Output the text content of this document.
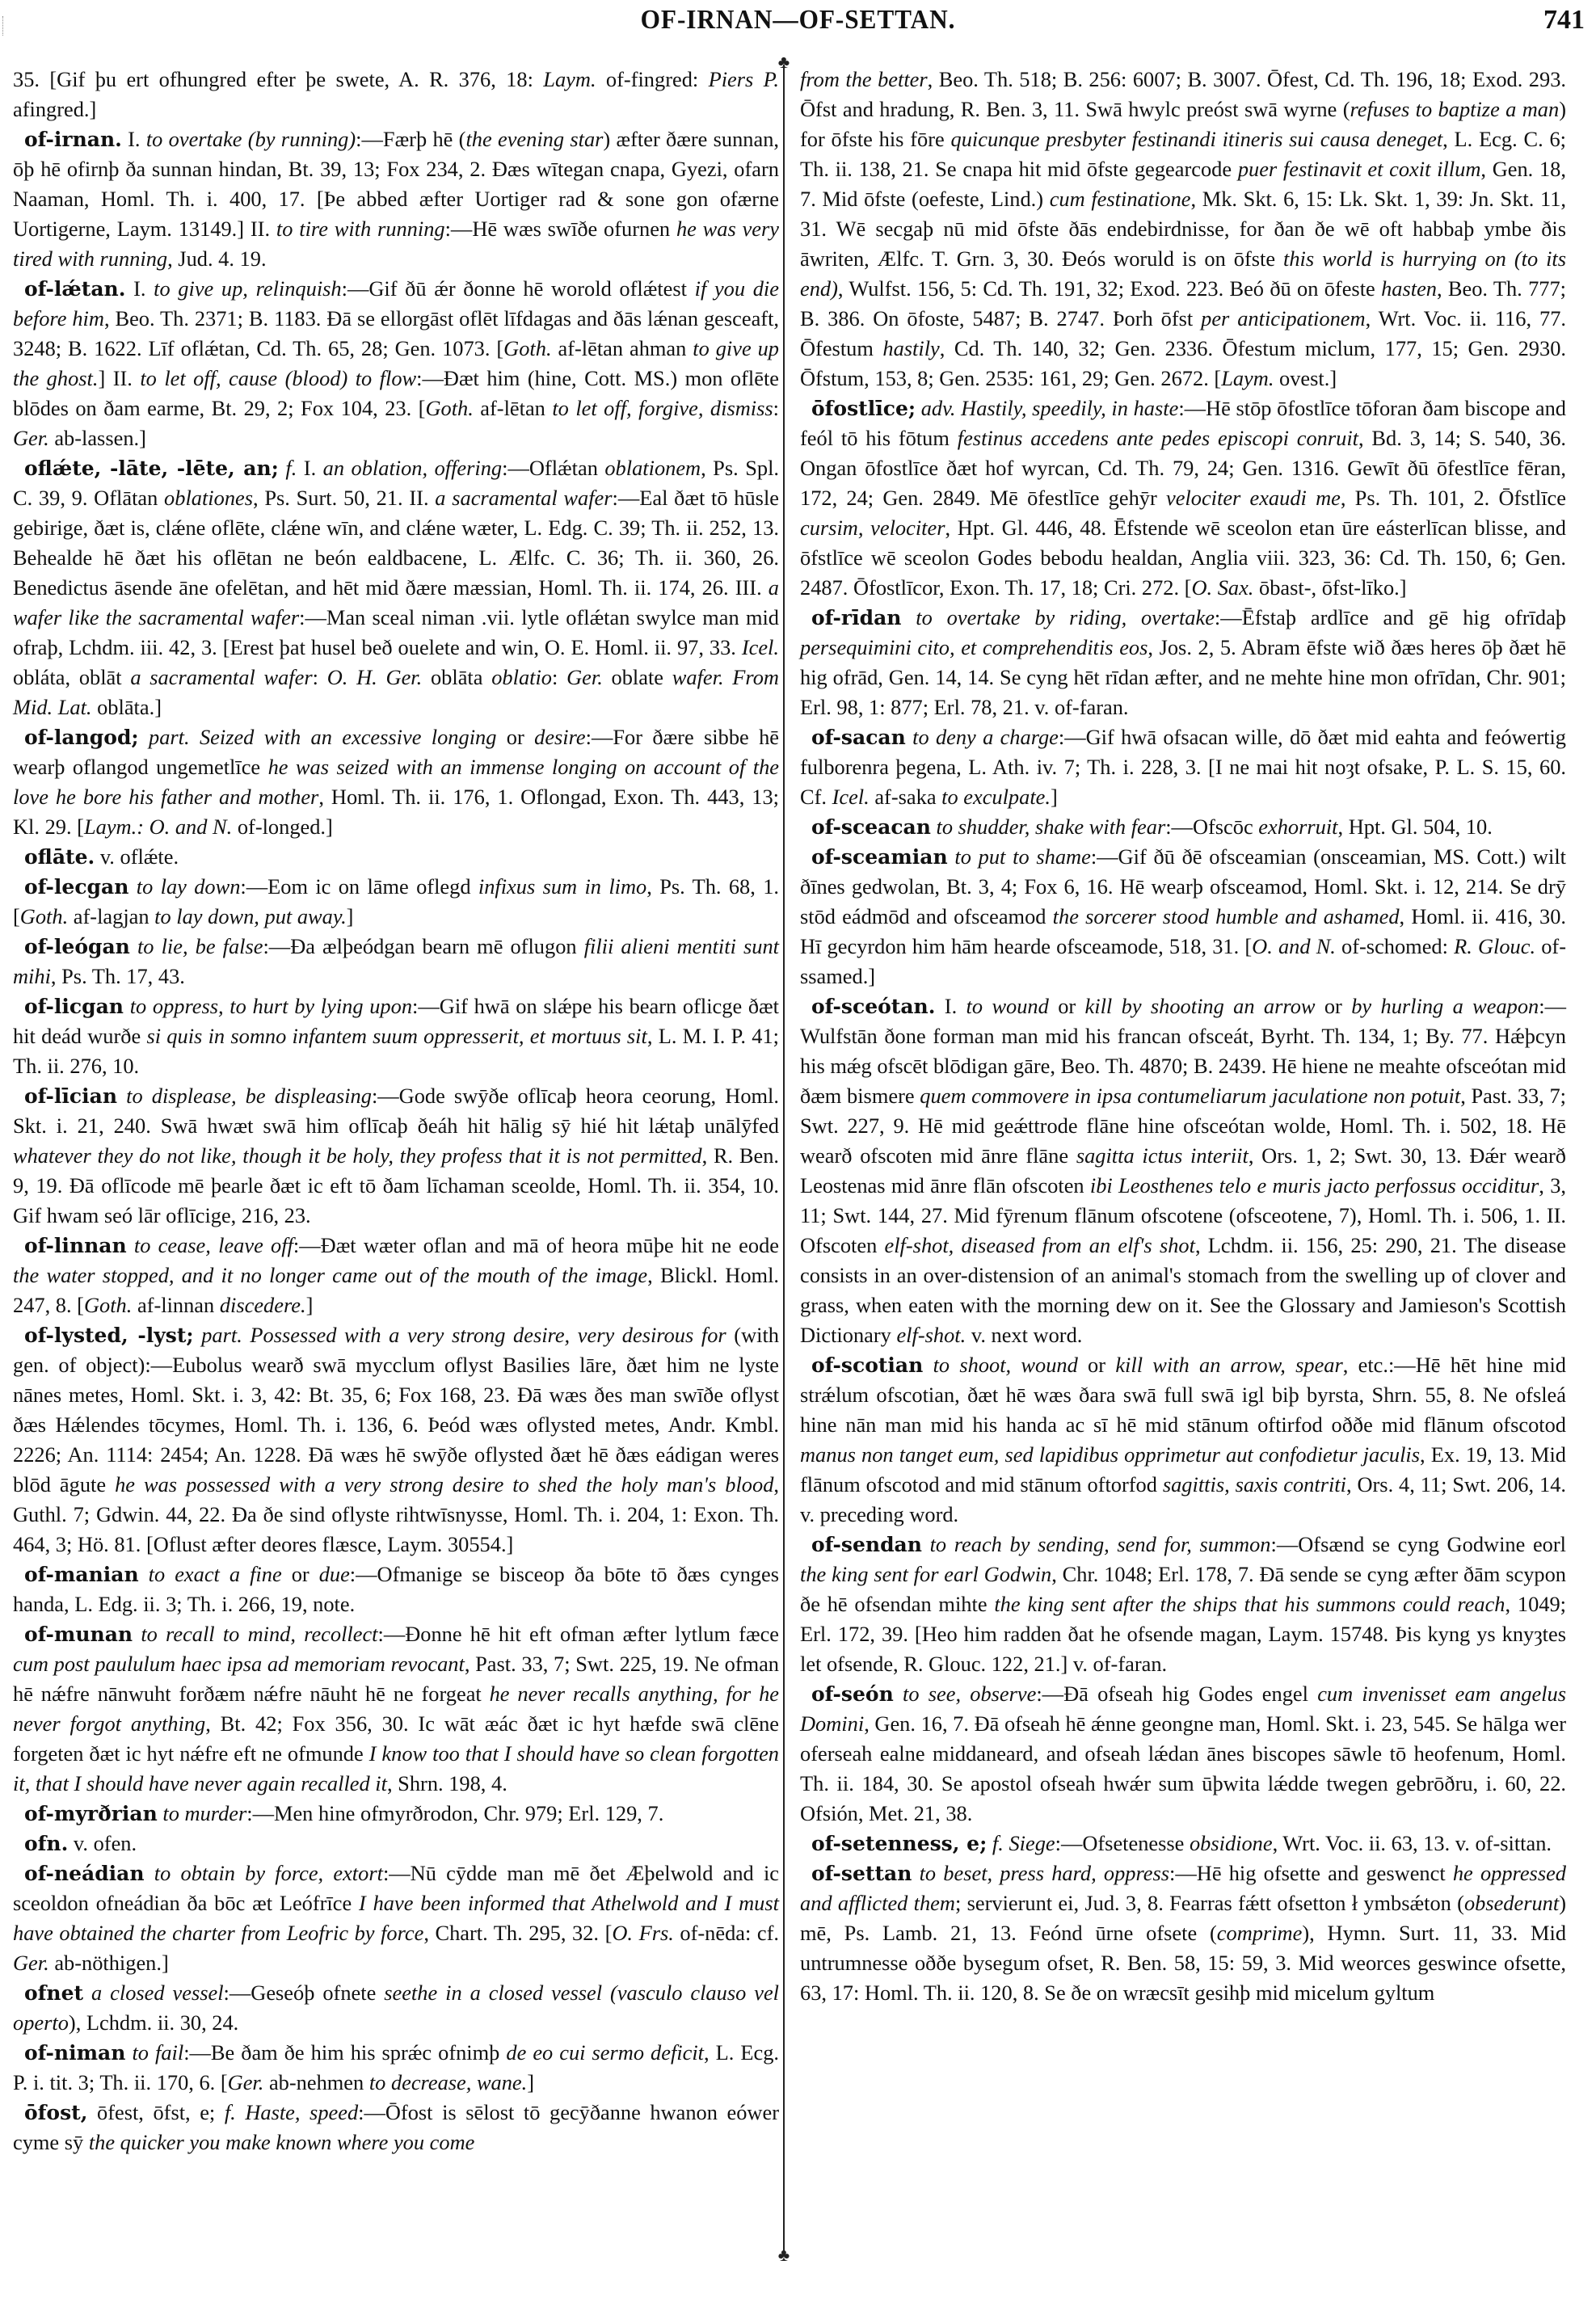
OF-IRNAN—OF-SETTAN.	741
♣
♣

35. [Gif þu ert ofhungred efter þe swete, A. R. 376, 18: Laym. of-fingred: Piers P. afingred.]

of-irnan. I. to overtake (by running):—Færþ hē (the evening star) æfter ðære sunnan, ōþ hē ofirnþ ða sunnan hindan, Bt. 39, 13; Fox 234, 2. Ðæs wītegan cnapa, Gyezi, ofarn Naaman, Homl. Th. i. 400, 17. [Þe abbed æfter Uortiger rad & sone gon ofærne Uortigerne, Laym. 13149.] II. to tire with running:—Hē wæs swīðe ofurnen he was very tired with running, Jud. 4. 19.

of-lǽtan. I. to give up, relinquish:—Gif ðū ǽr ðonne hē worold oflǽtest if you die before him, Beo. Th. 2371; B. 1183. Ðā se ellorgāst oflēt līfdagas and ðās lǽnan gesceaft, 3248; B. 1622. Līf oflǽtan, Cd. Th. 65, 28; Gen. 1073. [Goth. af-lētan ahman to give up the ghost.] II. to let off, cause (blood) to flow:—Ðæt him (hine, Cott. MS.) mon oflēte blōdes on ðam earme, Bt. 29, 2; Fox 104, 23. [Goth. af-lētan to let off, forgive, dismiss: Ger. ab-lassen.]

oflǽte, -lāte, -lēte, an; f. I. an oblation, offering:—Oflǽtan oblationem, Ps. Spl. C. 39, 9. Oflātan oblationes, Ps. Surt. 50, 21. II. a sacramental wafer:—Eal ðæt tō hūsle gebirige, ðæt is, clǽne oflēte, clǽne wīn, and clǽne wæter, L. Edg. C. 39; Th. ii. 252, 13. Behealde hē ðæt his oflētan ne beón ealdbacene, L. Ælfc. C. 36; Th. ii. 360, 26. Benedictus āsende āne ofelētan, and hēt mid ðære mæssian, Homl. Th. ii. 174, 26. III. a wafer like the sacramental wafer:—Man sceal niman .vii. lytle oflǽtan swylce man mid ofraþ, Lchdm. iii. 42, 3. [Erest þat husel beð ouelete and win, O. E. Homl. ii. 97, 33. Icel. obláta, oblāt a sacramental wafer: O. H. Ger. oblāta oblatio: Ger. oblate wafer. From Mid. Lat. oblāta.]

of-langod; part. Seized with an excessive longing or desire:—For ðære sibbe hē wearþ oflangod ungemetlīce he was seized with an immense longing on account of the love he bore his father and mother, Homl. Th. ii. 176, 1. Oflongad, Exon. Th. 443, 13; Kl. 29. [Laym.: O. and N. of-longed.]

oflāte. v. oflǽte.

of-lecgan to lay down:—Eom ic on lāme oflegd infixus sum in limo, Ps. Th. 68, 1. [Goth. af-lagjan to lay down, put away.]

of-leógan to lie, be false:—Ða ælþeódgan bearn mē oflugon filii alieni mentiti sunt mihi, Ps. Th. 17, 43.

of-licgan to oppress, to hurt by lying upon:—Gif hwā on slǽpe his bearn oflicge ðæt hit deád wurðe si quis in somno infantem suum oppresserit, et mortuus sit, L. M. I. P. 41; Th. ii. 276, 10.

of-līcian to displease, be displeasing:—Gode swȳðe oflīcaþ heora ceorung, Homl. Skt. i. 21, 240. Swā hwæt swā him oflīcaþ ðeáh hit hālig sȳ hié hit lǽtaþ unālȳfed whatever they do not like, though it be holy, they profess that it is not permitted, R. Ben. 9, 19. Ðā oflīcode mē þearle ðæt ic eft tō ðam līchaman sceolde, Homl. Th. ii. 354, 10. Gif hwam seó lār oflīcige, 216, 23.

of-linnan to cease, leave off:—Ðæt wæter oflan and mā of heora mūþe hit ne eode the water stopped, and it no longer came out of the mouth of the image, Blickl. Homl. 247, 8. [Goth. af-linnan discedere.]

of-lysted, -lyst; part. Possessed with a very strong desire, very desirous for (with gen. of object):—Eubolus wearð swā mycclum oflyst Basilies lāre, ðæt him ne lyste nānes metes, Homl. Skt. i. 3, 42: Bt. 35, 6; Fox 168, 23. Ðā wæs ðes man swīðe oflyst ðæs Hǽlendes tōcymes, Homl. Th. i. 136, 6. Þeód wæs oflysted metes, Andr. Kmbl. 2226; An. 1114: 2454; An. 1228. Ðā wæs hē swȳðe oflysted ðæt hē ðæs eádigan weres blōd āgute he was possessed with a very strong desire to shed the holy man's blood, Guthl. 7; Gdwin. 44, 22. Ða ðe sind oflyste rihtwīsnysse, Homl. Th. i. 204, 1: Exon. Th. 464, 3; Hö. 81. [Oflust æfter deores flæsce, Laym. 30554.]

of-manian to exact a fine or due:—Ofmanige se bisceop ða bōte tō ðæs cynges handa, L. Edg. ii. 3; Th. i. 266, 19, note.

of-munan to recall to mind, recollect:—Ðonne hē hit eft ofman æfter lytlum fæce cum post paululum haec ipsa ad memoriam revocant, Past. 33, 7; Swt. 225, 19. Ne ofman hē nǽfre nānwuht forðæm nǽfre nāuht hē ne forgeat he never recalls anything, for he never forgot anything, Bt. 42; Fox 356, 30. Ic wāt æác ðæt ic hyt hæfde swā clēne forgeten ðæt ic hyt nǽfre eft ne ofmunde I know too that I should have so clean forgotten it, that I should have never again recalled it, Shrn. 198, 4.

of-myrðrian to murder:—Men hine ofmyrðrodon, Chr. 979; Erl. 129, 7.

ofn. v. ofen.

of-neádian to obtain by force, extort:—Nū cȳdde man mē ðet Æþelwold and ic sceoldon ofneádian ða bōc æt Leófrīce I have been informed that Athelwold and I must have obtained the charter from Leofric by force, Chart. Th. 295, 32. [O. Frs. of-nēda: cf. Ger. ab-nöthigen.]

ofnet a closed vessel:—Geseóþ ofnete seethe in a closed vessel (vasculo clauso vel operto), Lchdm. ii. 30, 24.

of-niman to fail:—Be ðam ðe him his sprǽc ofnimþ de eo cui sermo deficit, L. Ecg. P. i. tit. 3; Th. ii. 170, 6. [Ger. ab-nehmen to decrease, wane.]

ōfost, ōfest, ōfst, e; f. Haste, speed:—Ōfost is sēlost tō gecȳðanne hwanon eówer cyme sȳ the quicker you make known where you come

from the better, Beo. Th. 518; B. 256: 6007; B. 3007. Ōfest, Cd. Th. 196, 18; Exod. 293. Ōfst and hradung, R. Ben. 3, 11. Swā hwylc preóst swā wyrne (refuses to baptize a man) for ōfste his fōre quicunque presbyter festinandi itineris sui causa deneget, L. Ecg. C. 6; Th. ii. 138, 21. Se cnapa hit mid ōfste gegearcode puer festinavit et coxit illum, Gen. 18, 7. Mid ōfste (oefeste, Lind.) cum festinatione, Mk. Skt. 6, 15: Lk. Skt. 1, 39: Jn. Skt. 11, 31. Wē secgaþ nū mid ōfste ðās endebirdnisse, for ðan ðe wē oft habbaþ ymbe ðis āwriten, Ælfc. T. Grn. 3, 30. Ðeós woruld is on ōfste this world is hurrying on (to its end), Wulfst. 156, 5: Cd. Th. 191, 32; Exod. 223. Beó ðū on ōfeste hasten, Beo. Th. 777; B. 386. On ōfoste, 5487; B. 2747. Þorh ōfst per anticipationem, Wrt. Voc. ii. 116, 77. Ōfestum hastily, Cd. Th. 140, 32; Gen. 2336. Ōfestum miclum, 177, 15; Gen. 2930. Ōfstum, 153, 8; Gen. 2535: 161, 29; Gen. 2672. [Laym. ovest.]

ōfostlīce; adv. Hastily, speedily, in haste:—Hē stōp ōfostlīce tōforan ðam biscope and feól tō his fōtum festinus accedens ante pedes episcopi conruit, Bd. 3, 14; S. 540, 36. Ongan ōfostlīce ðæt hof wyrcan, Cd. Th. 79, 24; Gen. 1316. Gewīt ðū ōfestlīce fēran, 172, 24; Gen. 2849. Mē ōfestlīce gehȳr velociter exaudi me, Ps. Th. 101, 2. Ōfstlīce cursim, velociter, Hpt. Gl. 446, 48. Ēfstende wē sceolon etan ūre eásterlīcan blisse, and ōfstlīce wē sceolon Godes bebodu healdan, Anglia viii. 323, 36: Cd. Th. 150, 6; Gen. 2487. Ōfostlīcor, Exon. Th. 17, 18; Cri. 272. [O. Sax. ōbast-, ōfst-līko.]

of-rīdan to overtake by riding, overtake:—Ēfstaþ ardlīce and gē hig ofrīdaþ persequimini cito, et comprehenditis eos, Jos. 2, 5. Abram ēfste wið ðæs heres ōþ ðæt hē hig ofrād, Gen. 14, 14. Se cyng hēt rīdan æfter, and ne mehte hine mon ofrīdan, Chr. 901; Erl. 98, 1: 877; Erl. 78, 21. v. of-faran.

of-sacan to deny a charge:—Gif hwā ofsacan wille, dō ðæt mid eahta and feówertig fulborenra þegena, L. Ath. iv. 7; Th. i. 228, 3. [I ne mai hit noȝt ofsake, P. L. S. 15, 60. Cf. Icel. af-saka to exculpate.]

of-sceacan to shudder, shake with fear:—Ofscōc exhorruit, Hpt. Gl. 504, 10.

of-sceamian to put to shame:—Gif ðū ðē ofsceamian (onsceamian, MS. Cott.) wilt ðīnes gedwolan, Bt. 3, 4; Fox 6, 16. Hē wearþ ofsceamod, Homl. Skt. i. 12, 214. Se drȳ stōd eádmōd and ofsceamod the sorcerer stood humble and ashamed, Homl. ii. 416, 30. Hī gecyrdon him hām hearde ofsceamode, 518, 31. [O. and N. of-schomed: R. Glouc. of-ssamed.]

of-sceótan. I. to wound or kill by shooting an arrow or by hurling a weapon:—Wulfstān ðone forman man mid his francan ofsceát, Byrht. Th. 134, 1; By. 77. Hǽþcyn his mǽg ofscēt blōdigan gāre, Beo. Th. 4870; B. 2439. Hē hiene ne meahte ofsceótan mid ðæm bismere quem commovere in ipsa contumeliarum jaculatione non potuit, Past. 33, 7; Swt. 227, 9. Hē mid geǽttrode flāne hine ofsceótan wolde, Homl. Th. i. 502, 18. Hē wearð ofscoten mid ānre flāne sagitta ictus interiit, Ors. 1, 2; Swt. 30, 13. Ðǽr wearð Leostenas mid ānre flān ofscoten ibi Leosthenes telo e muris jacto perfossus occiditur, 3, 11; Swt. 144, 27. Mid fȳrenum flānum ofscotene (ofsceotene, 7), Homl. Th. i. 506, 1. II. Ofscoten elf-shot, diseased from an elf's shot, Lchdm. ii. 156, 25: 290, 21. The disease consists in an over-distension of an animal's stomach from the swelling up of clover and grass, when eaten with the morning dew on it. See the Glossary and Jamieson's Scottish Dictionary elf-shot. v. next word.

of-scotian to shoot, wound or kill with an arrow, spear, etc.:—Hē hēt hine mid strǽlum ofscotian, ðæt hē wæs ðara swā full swā igl biþ byrsta, Shrn. 55, 8. Ne ofsleá hine nān man mid his handa ac sī hē mid stānum oftirfod oððe mid flānum ofscotod manus non tanget eum, sed lapidibus opprimetur aut confodietur jaculis, Ex. 19, 13. Mid flānum ofscotod and mid stānum oftorfod sagittis, saxis contriti, Ors. 4, 11; Swt. 206, 14. v. preceding word.

of-sendan to reach by sending, send for, summon:—Ofsænd se cyng Godwine eorl the king sent for earl Godwin, Chr. 1048; Erl. 178, 7. Ðā sende se cyng æfter ðām scypon ðe hē ofsendan mihte the king sent after the ships that his summons could reach, 1049; Erl. 172, 39. [Heo him radden ðat he ofsende magan, Laym. 15748. Þis kyng ys knyȝtes let ofsende, R. Glouc. 122, 21.] v. of-faran.

of-seón to see, observe:—Ðā ofseah hig Godes engel cum invenisset eam angelus Domini, Gen. 16, 7. Ðā ofseah hē ǽnne geongne man, Homl. Skt. i. 23, 545. Se hālga wer oferseah ealne middaneard, and ofseah lǽdan ānes biscopes sāwle tō heofenum, Homl. Th. ii. 184, 30. Se apostol ofseah hwǽr sum ūþwita lǽdde twegen gebrōðru, i. 60, 22. Ofsión, Met. 21, 38.

of-setenness, e; f. Siege:—Ofsetenesse obsidione, Wrt. Voc. ii. 63, 13. v. of-sittan.

of-settan to beset, press hard, oppress:—Hē hig ofsette and geswenct he oppressed and afflicted them; servierunt ei, Jud. 3, 8. Fearras fǽtt ofsetton ł ymbsǽton (obsederunt) mē, Ps. Lamb. 21, 13. Feónd ūrne ofsete (comprime), Hymn. Surt. 11, 33. Mid untrumnesse oððe bysegum ofset, R. Ben. 58, 15: 59, 3. Mid weorces geswince ofsette, 63, 17: Homl. Th. ii. 120, 8. Se ðe on wræcsīt gesihþ mid micelum gyltum
